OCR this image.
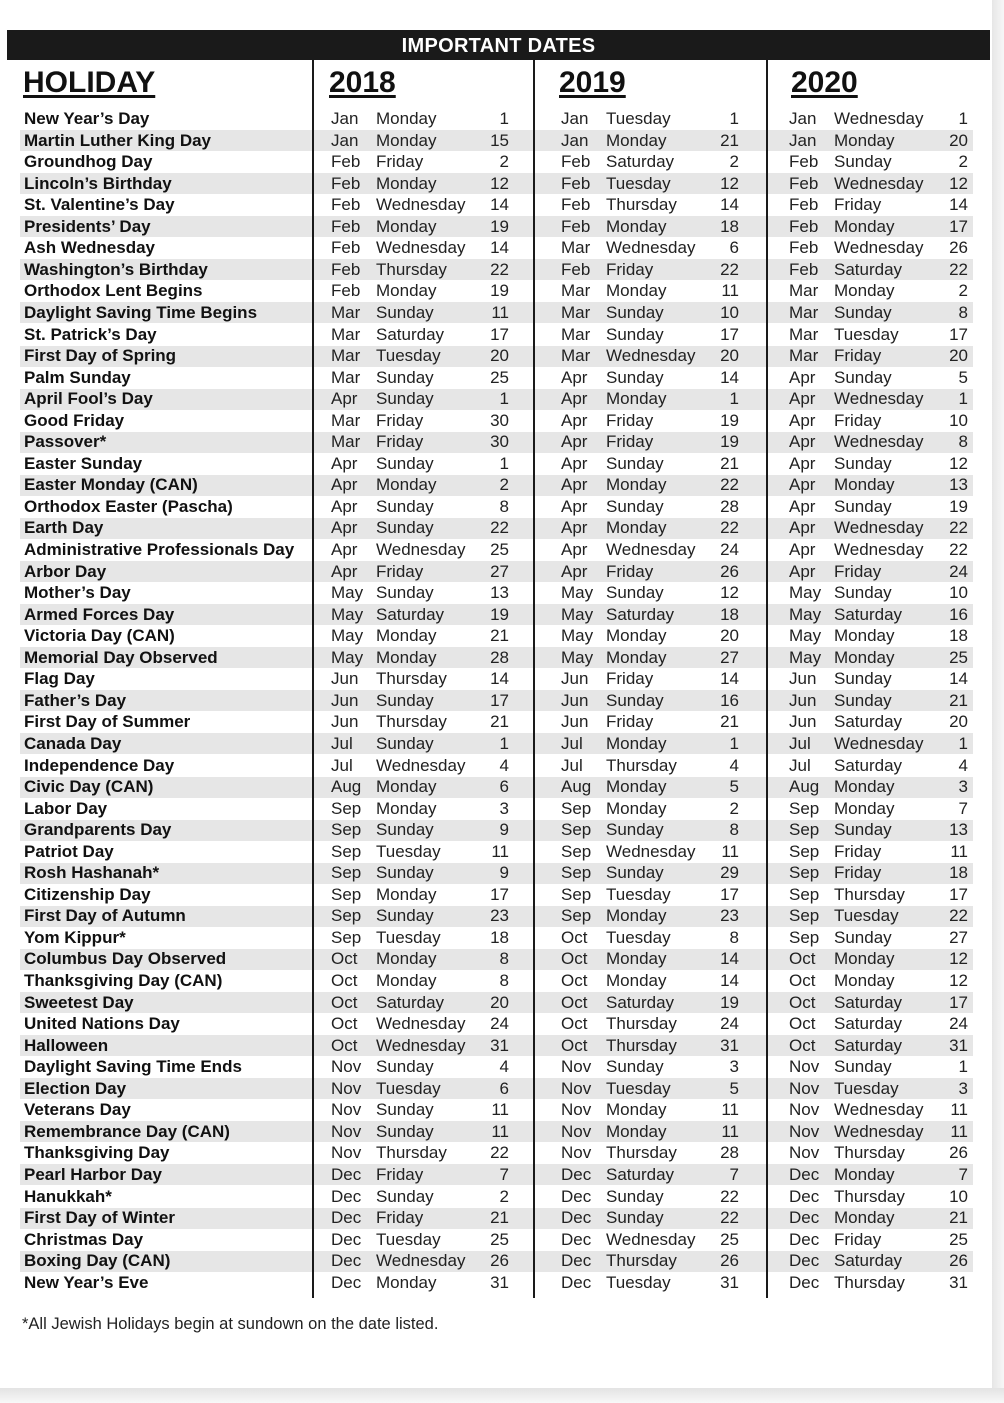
IMPORTANT DATES
HOLIDAY	2018	2019	2020
New Year’s Day	Jan Monday	1	Jan Tuesday	1	Jan Wednesday	1
Martin Luther King Day	Jan Monday	15	Jan Monday	21	Jan Monday	20
Groundhog Day	Feb Friday	2	Feb Saturday	2	Feb Sunday	2
Lincoln’s Birthday	Feb Monday	12	Feb Tuesday	12	Feb Wednesday	12
St. Valentine’s Day	Feb Wednesday	14	Feb Thursday	14	Feb Friday	14
Presidents’ Day	Feb Monday	19	Feb Monday	18	Feb Monday	17
Ash Wednesday	Feb Wednesday	14	Mar Wednesday	6	Feb Wednesday	26
Washington’s Birthday	Feb Thursday	22	Feb Friday	22	Feb Saturday	22
Orthodox Lent Begins	Feb Monday	19	Mar Monday	11	Mar Monday	2
Daylight Saving Time Begins	Mar Sunday	11	Mar Sunday	10	Mar Sunday	8
St. Patrick’s Day	Mar Saturday	17	Mar Sunday	17	Mar Tuesday	17
First Day of Spring	Mar Tuesday	20	Mar Wednesday	20	Mar Friday	20
Palm Sunday	Mar Sunday	25	Apr Sunday	14	Apr Sunday	5
April Fool’s Day	Apr Sunday	1	Apr Monday	1	Apr Wednesday	1
Good Friday	Mar Friday	30	Apr Friday	19	Apr Friday	10
Passover*	Mar Friday	30	Apr Friday	19	Apr Wednesday	8
Easter Sunday	Apr Sunday	1	Apr Sunday	21	Apr Sunday	12
Easter Monday (CAN)	Apr Monday	2	Apr Monday	22	Apr Monday	13
Orthodox Easter (Pascha)	Apr Sunday	8	Apr Sunday	28	Apr Sunday	19
Earth Day	Apr Sunday	22	Apr Monday	22	Apr Wednesday	22
Administrative Professionals Day Apr Wednesday	25	Apr Wednesday	24	Apr Wednesday	22
Arbor Day	Apr Friday	27	Apr Friday	26	Apr Friday	24
Mother’s Day	May Sunday	13	May Sunday	12	May Sunday	10
Armed Forces Day	May Saturday	19	May Saturday	18	May Saturday	16
Victoria Day (CAN)	May Monday	21	May Monday	20	May Monday	18
Memorial Day Observed	May Monday	28	May Monday	27	May Monday	25
Flag Day	Jun Thursday	14	Jun Friday	14	Jun Sunday	14
Father’s Day	Jun Sunday	17	Jun Sunday	16	Jun Sunday	21
First Day of Summer	Jun Thursday	21	Jun Friday	21	Jun Saturday	20
Canada Day	Jul Sunday	1	Jul Monday	1	Jul Wednesday	1
Independence Day	Jul Wednesday	4	Jul Thursday	4	Jul Saturday	4
Civic Day (CAN)	Aug Monday	6	Aug Monday	5	Aug Monday	3
Labor Day	Sep Monday	3	Sep Monday	2	Sep Monday	7
Grandparents Day	Sep Sunday	9	Sep Sunday	8	Sep Sunday	13
Patriot Day	Sep Tuesday	11	Sep Wednesday	11	Sep Friday	11
Rosh Hashanah*	Sep Sunday	9	Sep Sunday	29	Sep Friday	18
Citizenship Day	Sep Monday	17	Sep Tuesday	17	Sep Thursday	17
First Day of Autumn	Sep Sunday	23	Sep Monday	23	Sep Tuesday	22
Yom Kippur*	Sep Tuesday	18	Oct Tuesday	8	Sep Sunday	27
Columbus Day Observed	Oct Monday	8	Oct Monday	14	Oct Monday	12
Thanksgiving Day (CAN)	Oct Monday	8	Oct Monday	14	Oct Monday	12
Sweetest Day	Oct Saturday	20	Oct Saturday	19	Oct Saturday	17
United Nations Day	Oct Wednesday	24	Oct Thursday	24	Oct Saturday	24
Halloween	Oct Wednesday	31	Oct Thursday	31	Oct Saturday	31
Daylight Saving Time Ends	Nov Sunday	4	Nov Sunday	3	Nov Sunday	1
Election Day	Nov Tuesday	6	Nov Tuesday	5	Nov Tuesday	3
Veterans Day	Nov Sunday	11	Nov Monday	11	Nov Wednesday	11
Remembrance Day (CAN)	Nov Sunday	11	Nov Monday	11	Nov Wednesday	11
Thanksgiving Day	Nov Thursday	22	Nov Thursday	28	Nov Thursday	26
Pearl Harbor Day	Dec Friday	7	Dec Saturday	7	Dec Monday	7
Hanukkah*	Dec Sunday	2	Dec Sunday	22	Dec Thursday	10
First Day of Winter	Dec Friday	21	Dec Sunday	22	Dec Monday	21
Christmas Day	Dec Tuesday	25	Dec Wednesday	25	Dec Friday	25
Boxing Day (CAN)	Dec Wednesday	26	Dec Thursday	26	Dec Saturday	26
New Year’s Eve	Dec Monday	31	Dec Tuesday	31	Dec Thursday	31
*All Jewish Holidays begin at sundown on the date listed.
